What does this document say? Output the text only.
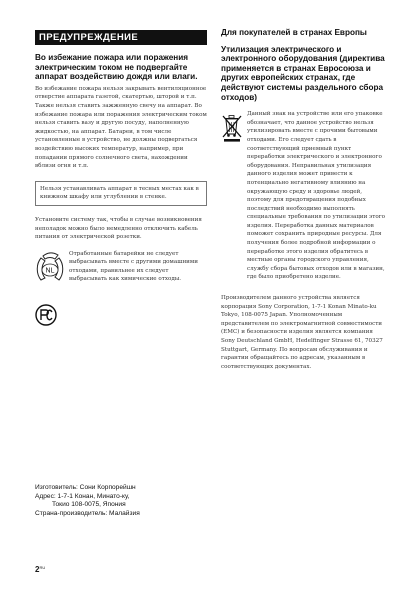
ПРЕДУПРЕЖДЕНИЕ
Во избежание пожара или поражения электрическим током не подвергайте аппарат воздействию дождя или влаги.
Во избежание пожара нельзя закрывать вентиляционное отверстие аппарата газетой, скатертью, шторой и т.п. Также нельзя ставить зажженную свечу на аппарат. Во избежание пожара или поражения электрическим током нельзя ставить вазу и другую посуду, наполненную жидкостью, на аппарат. Батареи, в том числе установленные в устройство, не должны подвергаться воздействию высоких температур, например, при попадании прямого солнечного света, нахождении вблизи огня и т.п.
Нельзя устанавливать аппарат в тесных местах как в книжном шкафу или углублении в стенке.
Установите систему так, чтобы в случае возникновения неполадок можно было немедленно отключить кабель питания от электрической розетки.
NL
Отработанные батарейки не следует выбрасывать вместе с другими домашними отходами, правильнее их следует выбрасывать как химические отходы.
Изготовитель: Сони Корпорейшн
Адрес: 1-7-1 Конан, Минато-ку,
Токио 108-0075, Япония
Страна-производитель: Малайзия
$2^{RU}$
Для покупателей в странах Европы
Утилизация электрического и электронного оборудования (директива применяется в странах Евросоюза и других европейских странах, где действуют системы раздельного сбора отходов)
Данный знак на устройстве или его упаковке обозначает, что данное устройство нельзя утилизировать вместе с прочими бытовыми отходами. Его следует сдать в соответствующий приемный пункт переработки электрического и электронного оборудования. Неправильная утилизация данного изделия может привести к потенциально негативному влиянию на окружающую среду и здоровье людей, поэтому для предотвращения подобных последствий необходимо выполнять специальные требования по утилизации этого изделия. Переработка данных материалов поможет сохранить природные ресурсы. Для получения более подробной информации о переработке этого изделия обратитесь в местные органы городского управления, службу сбора бытовых отходов или в магазин, где было приобретено изделие.
Производителем данного устройства является корпорация Sony Corporation, 1-7-1 Konan Minato-ku Tokyo, 108-0075 Japan. Уполномоченным представителем по электромагнитной совместимости (EMC) и безопасности изделия является компания Sony Deutschland GmbH, Hedelfinger Strasse 61, 70327 Stuttgart, Germany. По вопросам обслуживания и гарантии обращайтесь по адресам, указанным в соответствующих документах.
